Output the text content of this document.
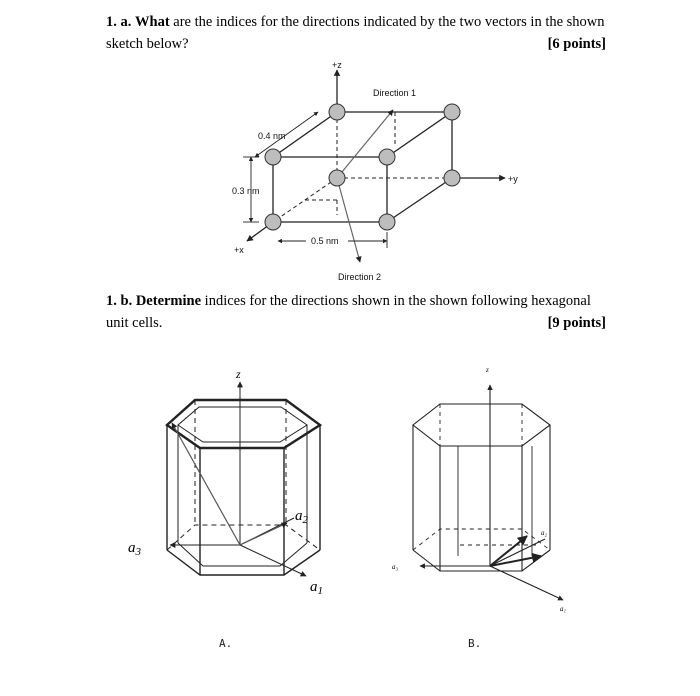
1. a. What are the indices for the directions indicated by the two vectors in the shown
sketch below?	[6 points]
1. b. Determine indices for the directions shown in the shown following hexagonal
unit cells.	[9 points]
+z
+y
+x
Direction 1
Direction 2
0.4 nm
0.3 nm
0.5 nm
z
$a_3$
$a_2$
$a_1$
A.
z
a₃
a₂
a₁
B.
